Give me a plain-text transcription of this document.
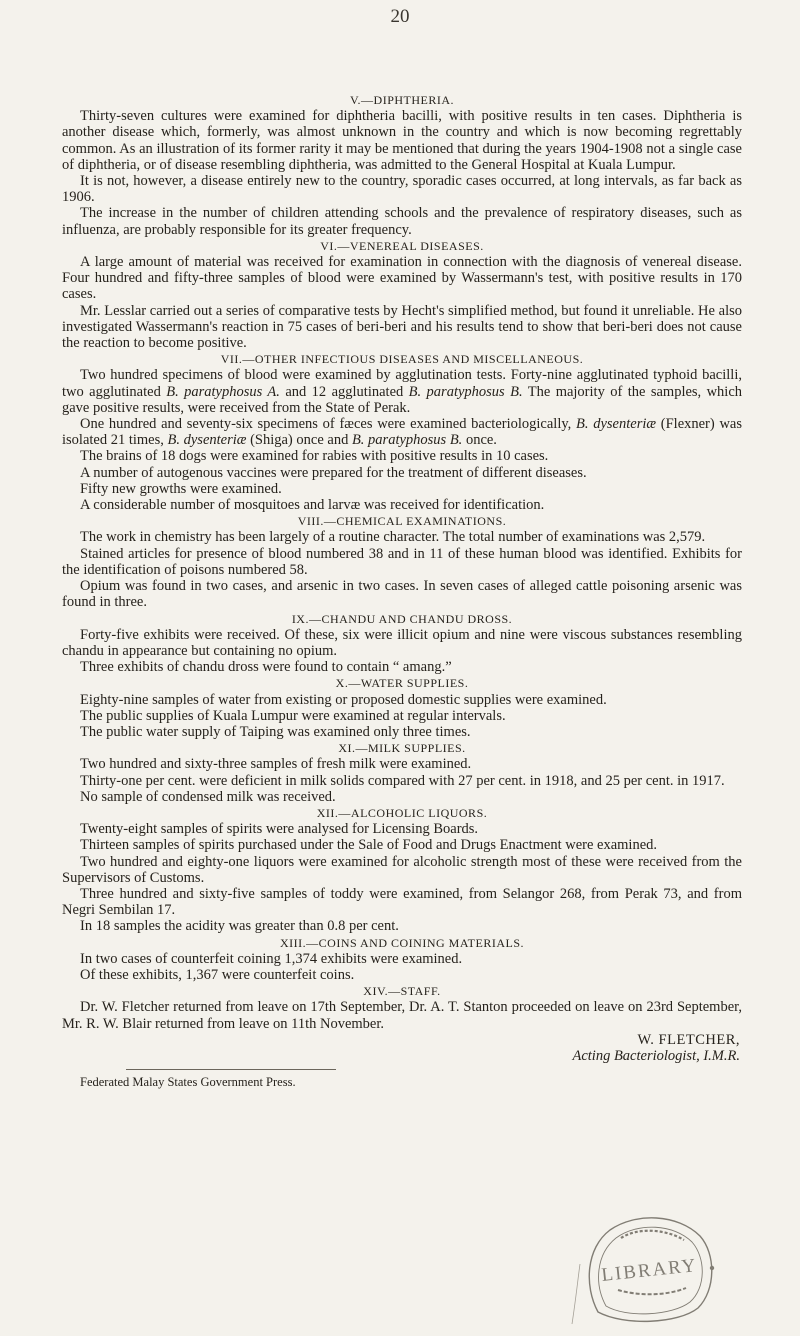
20
V.—DIPHTHERIA.

Thirty-seven cultures were examined for diphtheria bacilli, with positive results in ten cases. Diphtheria is another disease which, formerly, was almost unknown in the country and which is now becoming regrettably common. As an illustration of its former rarity it may be mentioned that during the years 1904-1908 not a single case of diphtheria, or of disease resembling diphtheria, was admitted to the General Hospital at Kuala Lumpur.

It is not, however, a disease entirely new to the country, sporadic cases occurred, at long intervals, as far back as 1906.

The increase in the number of children attending schools and the prevalence of respiratory diseases, such as influenza, are probably responsible for its greater frequency.

VI.—VENEREAL DISEASES.

A large amount of material was received for examination in connection with the diagnosis of venereal disease. Four hundred and fifty-three samples of blood were examined by Wassermann's test, with positive results in 170 cases.

Mr. Lesslar carried out a series of comparative tests by Hecht's simplified method, but found it unreliable. He also investigated Wassermann's reaction in 75 cases of beri-beri and his results tend to show that beri-beri does not cause the reaction to become positive.

VII.—OTHER INFECTIOUS DISEASES AND MISCELLANEOUS.

Two hundred specimens of blood were examined by agglutination tests. Forty-nine agglutinated typhoid bacilli, two agglutinated B. paratyphosus A. and 12 agglutinated B. paratyphosus B. The majority of the samples, which gave positive results, were received from the State of Perak.

One hundred and seventy-six specimens of fæces were examined bacteriologically, B. dysenteriæ (Flexner) was isolated 21 times, B. dysenteriæ (Shiga) once and B. paratyphosus B. once.

The brains of 18 dogs were examined for rabies with positive results in 10 cases.

A number of autogenous vaccines were prepared for the treatment of different diseases.

Fifty new growths were examined.

A considerable number of mosquitoes and larvæ was received for identification.

VIII.—CHEMICAL EXAMINATIONS.

The work in chemistry has been largely of a routine character. The total number of examinations was 2,579.

Stained articles for presence of blood numbered 38 and in 11 of these human blood was identified. Exhibits for the identification of poisons numbered 58.

Opium was found in two cases, and arsenic in two cases. In seven cases of alleged cattle poisoning arsenic was found in three.

IX.—CHANDU AND CHANDU DROSS.

Forty-five exhibits were received. Of these, six were illicit opium and nine were viscous substances resembling chandu in appearance but containing no opium.

Three exhibits of chandu dross were found to contain “ amang.”

X.—WATER SUPPLIES.

Eighty-nine samples of water from existing or proposed domestic supplies were examined.

The public supplies of Kuala Lumpur were examined at regular intervals.

The public water supply of Taiping was examined only three times.

XI.—MILK SUPPLIES.

Two hundred and sixty-three samples of fresh milk were examined.

Thirty-one per cent. were deficient in milk solids compared with 27 per cent. in 1918, and 25 per cent. in 1917.

No sample of condensed milk was received.

XII.—ALCOHOLIC LIQUORS.

Twenty-eight samples of spirits were analysed for Licensing Boards.

Thirteen samples of spirits purchased under the Sale of Food and Drugs Enactment were examined.

Two hundred and eighty-one liquors were examined for alcoholic strength most of these were received from the Supervisors of Customs.

Three hundred and sixty-five samples of toddy were examined, from Selangor 268, from Perak 73, and from Negri Sembilan 17.

In 18 samples the acidity was greater than 0.8 per cent.

XIII.—COINS AND COINING MATERIALS.

In two cases of counterfeit coining 1,374 exhibits were examined.

Of these exhibits, 1,367 were counterfeit coins.

XIV.—STAFF.

Dr. W. Fletcher returned from leave on 17th September, Dr. A. T. Stanton proceeded on leave on 23rd September, Mr. R. W. Blair returned from leave on 11th November.

W. FLETCHER,
Acting Bacteriologist, I.M.R.

Federated Malay States Government Press.

LIBRARY
